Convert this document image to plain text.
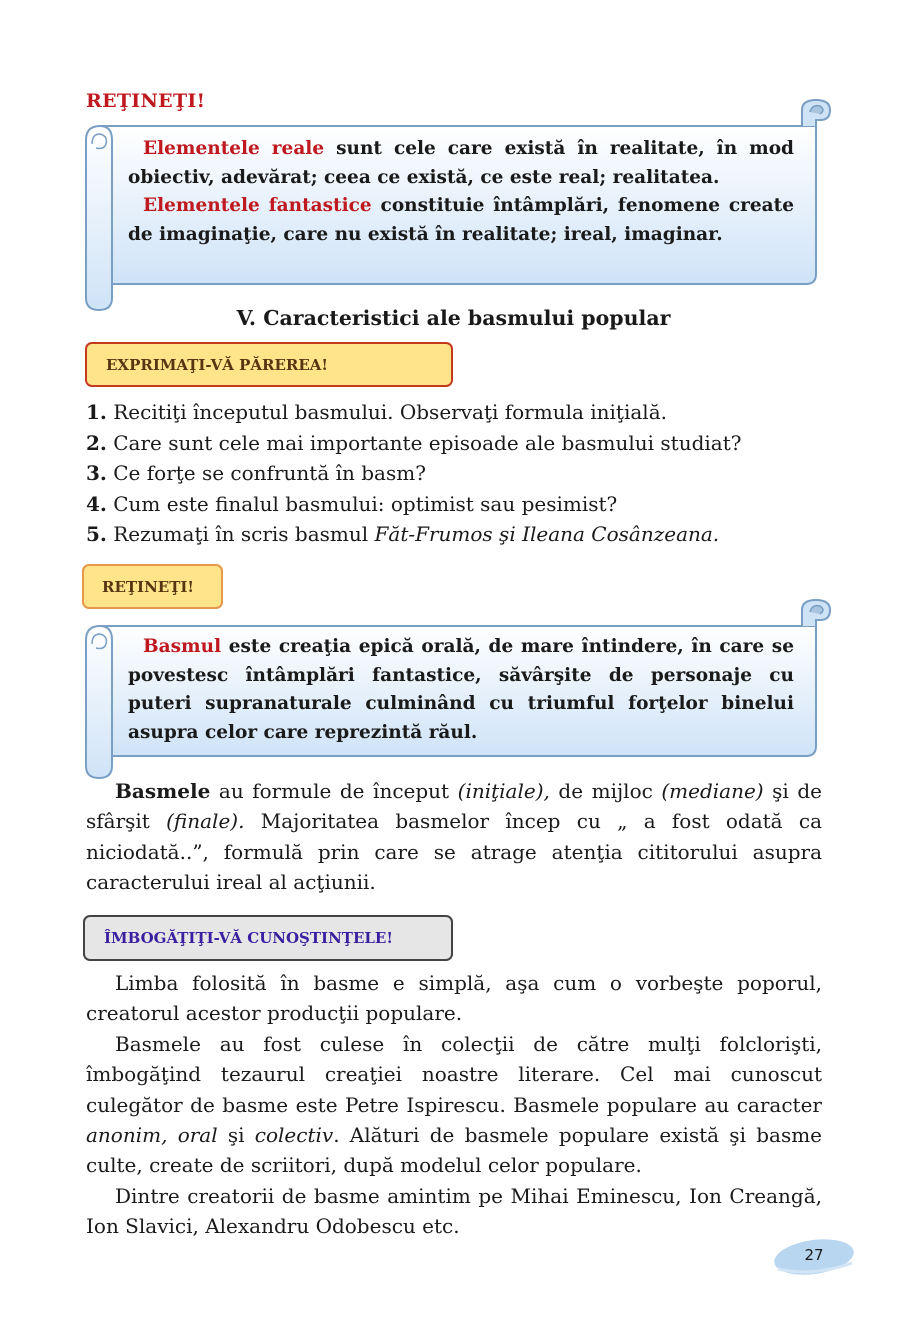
REŢINEŢI!

Elementele reale sunt cele care există în realitate, în mod obiectiv, adevărat; ceea ce există, ce este real; realitatea.

Elementele fantastice constituie întâmplări, fenomene create de imaginaţie, care nu există în realitate; ireal, imaginar.

V. Caracteristici ale basmului popular
EXPRIMAŢI-VĂ PĂREREA!
1. Recitiţi începutul basmului. Observaţi formula iniţială.
2. Care sunt cele mai importante episoade ale basmului studiat?
3. Ce forţe se confruntă în basm?
4. Cum este finalul basmului: optimist sau pesimist?
5. Rezumaţi în scris basmul Făt-Frumos şi Ileana Cosânzeana.
REŢINEŢI!

Basmul este creaţia epică orală, de mare întindere, în care se povestesc întâmplări fantastice, săvârşite de personaje cu puteri supranaturale culminând cu triumful forţelor binelui asupra celor care reprezintă răul.

Basmele au formule de început (iniţiale), de mijloc (mediane) şi de sfârşit (finale). Majoritatea basmelor încep cu „ a fost odată ca niciodată..”, formulă prin care se atrage atenţia cititorului asupra caracterului ireal al acţiunii.

ÎMBOGĂŢIŢI-VĂ CUNOŞTINŢELE!

Limba folosită în basme e simplă, aşa cum o vorbeşte poporul, creatorul acestor producţii populare.

Basmele au fost culese în colecţii de către mulţi folclorişti, îmbogăţind tezaurul creaţiei noastre literare. Cel mai cunoscut culegător de basme este Petre Ispirescu. Basmele populare au caracter anonim, oral şi colectiv. Alături de basmele populare există şi basme culte, create de scriitori, după modelul celor populare.

Dintre creatorii de basme amintim pe Mihai Eminescu, Ion Creangă, Ion Slavici, Alexandru Odobescu etc.

27
